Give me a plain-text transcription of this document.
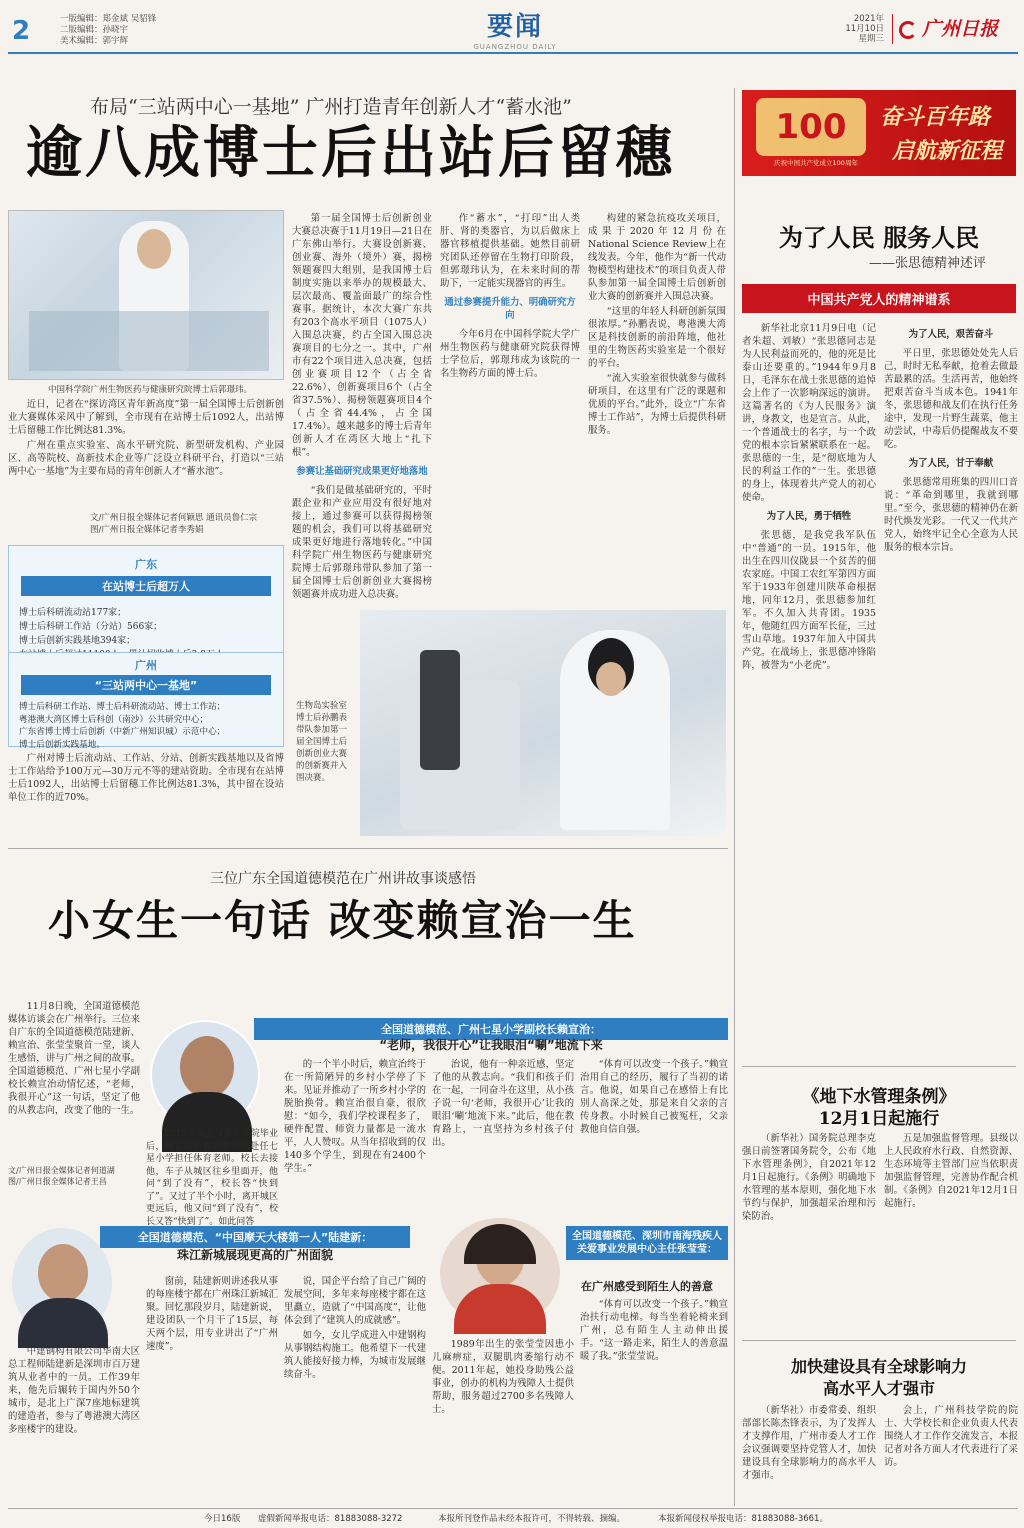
2	一版编辑：郑金斌 吴貂锋
二版编辑：孙晓宇
美术编辑：郭宇辉	要闻
GUANGZHOU DAILY
2021年
11月10日
星期三	广州日报
布局“三站两中心一基地” 广州打造青年创新人才“蓄水池”
逾八成博士后出站后留穗
中国科学院广州生物医药与健康研究院博士后郭璟玮。

近日，记者在“探访湾区青年新高度”第一届全国博士后创新创业大赛媒体采风中了解到，全市现有在站博士后1092人，出站博士后留穗工作比例达81.3%。

广州在重点实验室、高水平研究院、新型研发机构、产业园区、高等院校、高新技术企业等广泛设立科研平台，打造以“三站两中心一基地”为主要布局的青年创新人才“蓄水池”。

文/广州日报全媒体记者何颖思 通讯员鲁仁宗
图/广州日报全媒体记者李秀娟
广东
在站博士后超万人
博士后科研流动站177家；
博士后科研工作站（分站）566家；
博士后创新实践基地394家；
广州
“三站两中心一基地”
博士后科研工作站、博士后科研流动站、博士工作站；
粤港澳大湾区博士后科创（南沙）公共研究中心；
广东省博士博士后创新（中新广州知识城）示范中心；
博士后创新实践基地。

广州对博士后流动站、工作站、分站、创新实践基地以及省博士工作站给予100万元—30万元不等的建站资助。全市现有在站博士后1092人，出站博士后留穗工作比例达81.3%，其中留在设站单位工作的近70%。

第一届全国博士后创新创业大赛总决赛于11月19日—21日在广东佛山举行。大赛设创新赛、创业赛、海外（境外）赛，揭榜领题赛四大组别，是我国博士后制度实施以来举办的规模最大、层次最高、覆盖面最广的综合性赛事。据统计，本次大赛广东共有203个高水平项目（1075人）入围总决赛，约占全国入围总决赛项目的七分之一。其中，广州市有22个项目进入总决赛，包括创业赛项目12个（占全省22.6%）、创新赛项目6个（占全省37.5%）、揭榜领题赛项目4个（占全省44.4%，占全国17.4%）。越来越多的博士后青年创新人才在湾区大地上“扎下根”。

参赛让基础研究成果更好地落地

“我们是做基础研究的，平时跟企业和产业应用没有很好地对接上，通过参赛可以获得揭榜领题的机会，我们可以将基础研究成果更好地进行落地转化。”中国科学院广州生物医药与健康研究院博士后郭璟玮带队参加了第一届全国博士后创新创业大赛揭榜领题赛并成功进入总决赛。

作“蓄水”，“打印”出人类肝、肾的类器官，为以后做床上器官移植提供基础。她然目前研究团队还停留在生物打印阶段，但郭璟玮认为，在未来时间的帮助下，一定能实现器官的再生。

通过参赛提升能力、明确研究方向

今年6月在中国科学院大学广州生物医药与健康研究院获得博士学位后，郭璟玮成为该院的一名生物药方面的博士后。

构建的紧急抗疫攻关项目，成果于2020年12月份在National Science Review上在线发表。今年，他作为“新一代动物模型构建技术”的项目负责人带队参加第一届全国博士后创新创业大赛的创新赛并入围总决赛。

“这里的年轻人科研创新氛围很浓厚。”孙鹏表说，粤港澳大湾区是科技创新的前沿阵地，他社里的生物医药实验室是一个很好的平台。

“流入实验室很快就参与做科研项目，在这里有广泛的课题和优质的平台。”此外，设立“广东省博士工作站”，为博士后提供科研服务。

生物岛实验室博士后孙鹏表带队参加第一届全国博士后创新创业大赛的创新赛并入围决赛。
三位广东全国道德模范在广州讲故事谈感悟
小女生一句话 改变赖宣治一生

11月8日晚，全国道德模范媒体访谈会在广州举行。三位来自广东的全国道德模范陆建新、赖宣治、张莹莹聚首一堂，谈人生感悟，讲与广州之间的故事。全国道德模范、广州七星小学副校长赖宣治动情忆述，“老师，我很开心”这一句话，坚定了他的从教志向，改变了他的一生。

文/广州日报全媒体记者何道湖
图/广州日报全媒体记者王昌
全国道德模范、广州七星小学副校长赖宣治：
“老师，我很开心”让我眼泪“唰”地流下来

2010年从武汉体育学院毕业后，赖宣治怀着满腔热情赴任七星小学担任体育老师。校长去接他，车子从城区往乡里面开，他问“到了没有”，校长答“快到了”。又过了半个小时，离开城区更远后，他又问“到了没有”，校长又答“快到了”。如此问答

的一个半小时后，赖宣治终于在一所简陋异的乡村小学停了下来。见证并推动了一所乡村小学的脱胎换骨。赖宣治很自豪，很欣慰：“如今，我们学校课程多了，硬件配置、师资力量都是一流水平，人人赞叹。从当年招收到的仅140多个学生，到现在有2400个学生。”

治说，他有一种亲近感，坚定了他的从教志向。“我们和孩子们在一起，一同奋斗在这里，从小孩子说一句‘老师，我很开心’让我的眼泪‘唰’地流下来。”此后，他在教育路上，一直坚持为乡村孩子付出。

“体育可以改变一个孩子。”赖宣治用自己的经历，履行了当初的诺言。他说，如果自己在感悟上有比别人高深之处，那是来自父亲的言传身教。小时候自己被冤枉，父亲教他自信自强。

全国道德模范、“中国摩天大楼第一人”陆建新：
珠江新城展现更高的广州面貌

中建钢构有限公司华南大区总工程师陆建新是深圳市百万建筑从业者中的一员。工作39年来，他先后辗转于国内外50个城市，是北上广深7座地标建筑的建造者，参与了粤港澳大湾区多座楼宇的建设。

窗前，陆建新则讲述我从事的每座楼宇都在广州珠江新城汇聚。回忆那段岁月，陆建新说，建设团队一个月干了15层，每天两个层，用专业讲出了“广州速度”。

说，国企平台给了自己广阔的发展空间，多年来每座楼宇都在这里矗立，造就了“中国高度”，让他体会到了“建筑人的成就感”。

如今，女儿学成进入中建钢构从事钢结构施工。他希望下一代建筑人能接好接力棒，为城市发展继续奋斗。

全国道德模范、深圳市南海残疾人关爱事业发展中心主任张莹莹：
在广州感受到陌生人的善意

1989年出生的张莹莹因患小儿麻痹症，双腿肌肉萎缩行动不便。2011年起，她投身助残公益事业，创办的机构为残障人士提供帮助，服务超过2700多名残障人士。

“体育可以改变一个孩子。”赖宣治扶行动电梯。每当坐着轮椅来到广州，总有陌生人主动伸出援手。“这一路走来，陌生人的善意温暖了我。”张莹莹说。

100
庆祝中国共产党成立100周年
奋斗百年路
启航新征程
为了人民 服务人民
——张思德精神述评
中国共产党人的精神谱系

新华社北京11月9日电（记者朱超、刘敏）“张思德同志是为人民利益而死的，他的死是比泰山还要重的。”1944年9月8日，毛泽东在战士张思德的追悼会上作了一次影响深远的演讲。这篇著名的《为人民服务》演讲，身教文，也是宣言。从此，一个普通战士的名字，与一个政党的根本宗旨紧紧联系在一起。张思德的一生，是“彻底地为人民的利益工作的”一生。张思德的身上，体现着共产党人的初心使命。

为了人民，勇于牺牲

张思德，是我党我军队伍中“普通”的一员。1915年，他出生在四川仪陇县一个贫苦的佃农家庭。中国工农红军第四方面军于1933年创建川陕革命根据地，同年12月，张思德参加红军。不久加入共青团。1935年，他随红四方面军长征，三过雪山草地。1937年加入中国共产党。在战场上，张思德冲锋陷阵，被誉为“小老虎”。

为了人民，艰苦奋斗

平日里，张思德处处先人后己，时时无私奉献，抢着去做最苦最累的活。生活再苦，他始终把艰苦奋斗当成本色。1941年冬，张思德和战友们在执行任务途中，发现一片野生蔬菜，他主动尝试，中毒后仍提醒战友不要吃。

为了人民，甘于奉献

张思德常用班集的四川口音说：“革命到哪里，我就到哪里。”至今，张思德的精神仍在新时代焕发光彩。一代又一代共产党人，始终牢记全心全意为人民服务的根本宗旨。

《地下水管理条例》
12月1日起施行

（新华社）国务院总理李克强日前签署国务院令，公布《地下水管理条例》，自2021年12月1日起施行。《条例》明确地下水管理的基本原则，强化地下水节约与保护，加强超采治理和污染防治。

五是加强监督管理。县级以上人民政府水行政、自然资源、生态环境等主管部门应当依职责加强监督管理，完善协作配合机制。《条例》自2021年12月1日起施行。

加快建设具有全球影响力
高水平人才强市

（新华社）市委常委、组织部部长陈杰锋表示，为了发挥人才支撑作用，广州市委人才工作会议强调要坚持党管人才，加快建设具有全球影响力的高水平人才强市。

会上，广州科技学院的院士、大学校长和企业负责人代表围绕人才工作作交流发言，本报记者对各方面人才代表进行了采访。

今日16版 虚假新闻举报电话：81883088-3272	本报所刊登作品未经本报许可，不得转载、摘编。	本报新闻侵权举报电话：81883088-3661。
